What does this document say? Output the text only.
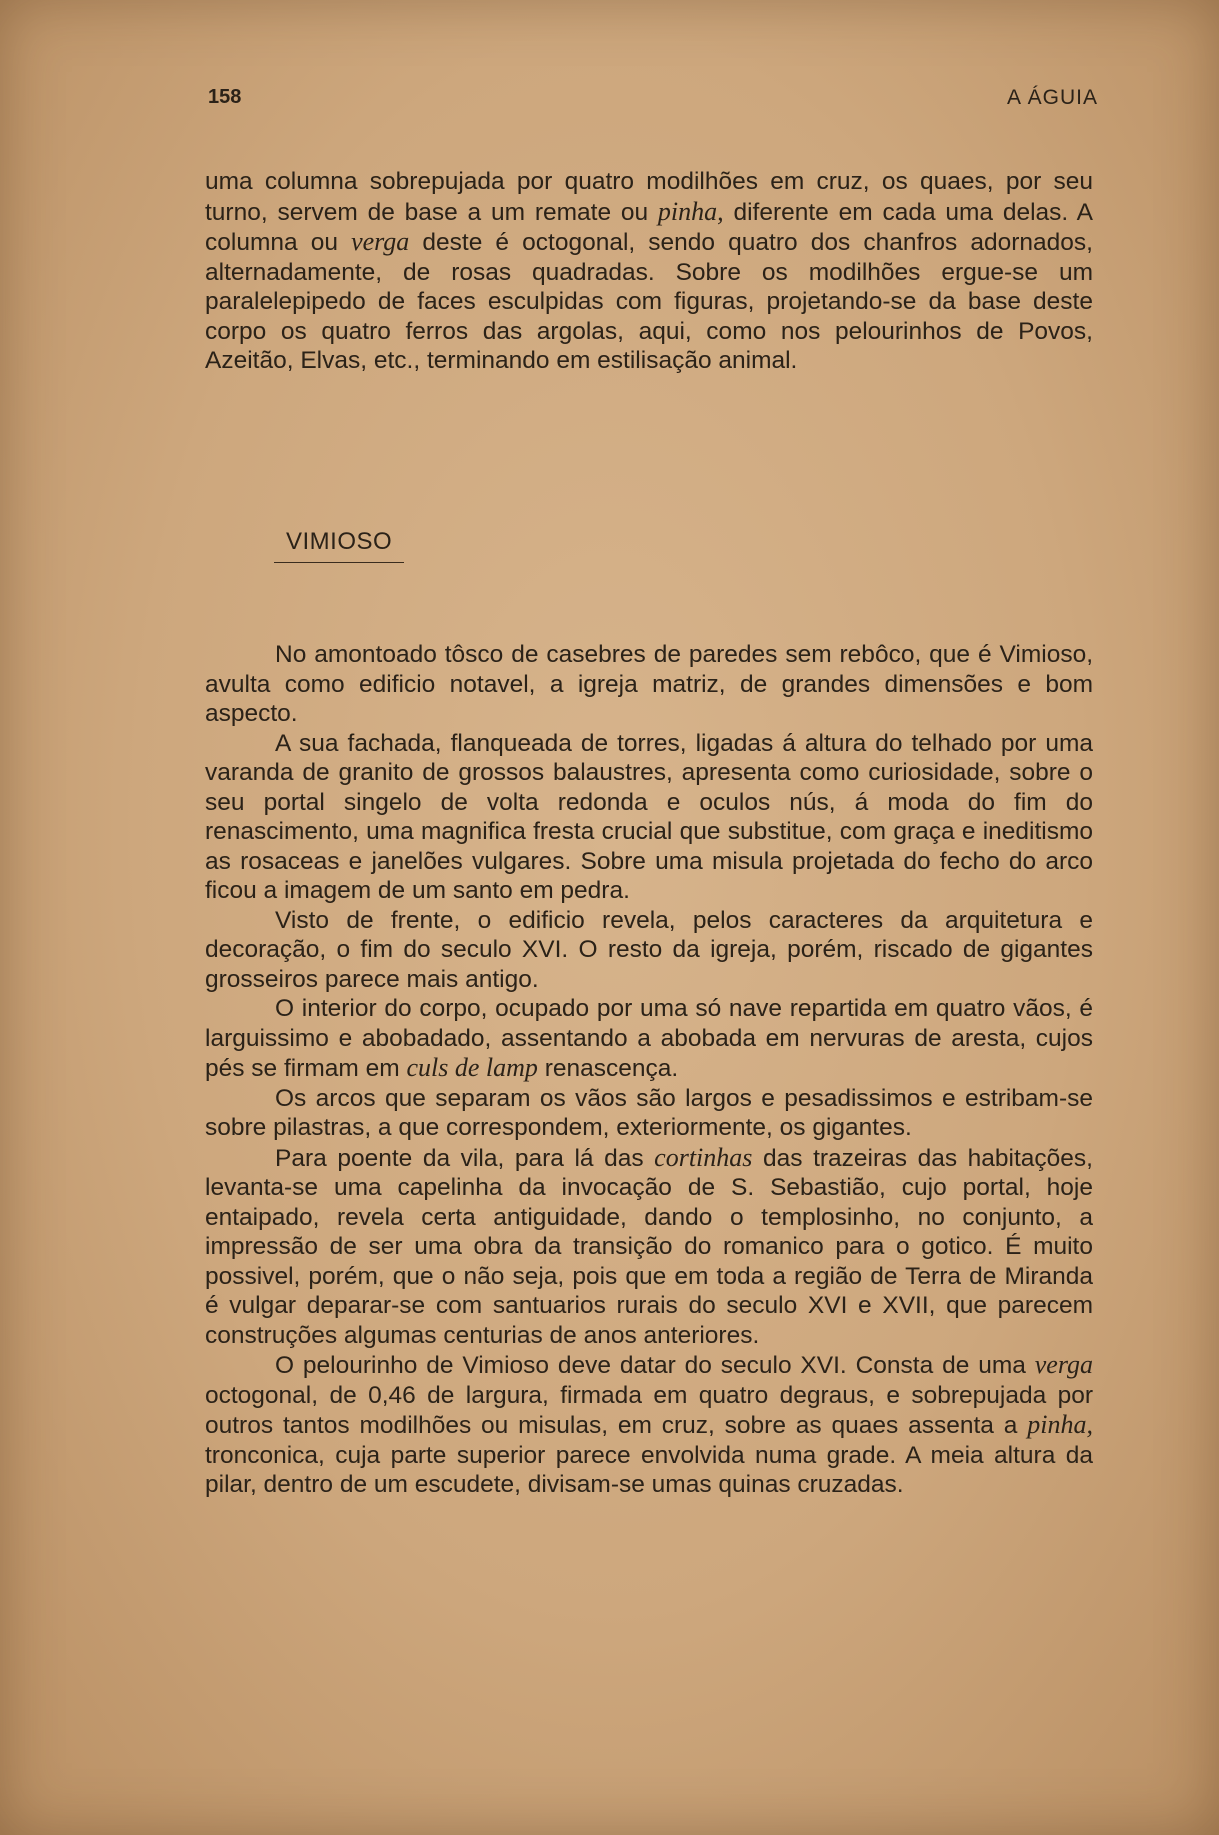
158	A ÁGUIA

uma columna sobrepujada por quatro modilhões em cruz, os quaes, por seu turno, servem de base a um remate ou pinha, diferente em cada uma delas. A columna ou verga deste é octogonal, sendo quatro dos chanfros adornados, alternadamente, de rosas quadradas. Sobre os modilhões ergue-se um paralelepipedo de faces esculpidas com figuras, projetando-se da base deste corpo os quatro ferros das argolas, aqui, como nos pelourinhos de Povos, Azeitão, Elvas, etc., terminando em estilisação animal.

VIMIOSO

No amontoado tôsco de casebres de paredes sem rebôco, que é Vimioso, avulta como edificio notavel, a igreja matriz, de grandes dimensões e bom aspecto.

A sua fachada, flanqueada de torres, ligadas á altura do telhado por uma varanda de granito de grossos balaustres, apresenta como curiosidade, sobre o seu portal singelo de volta redonda e oculos nús, á moda do fim do renascimento, uma magnifica fresta crucial que substitue, com graça e ineditismo as rosaceas e janelões vulgares. Sobre uma misula projetada do fecho do arco ficou a imagem de um santo em pedra.

Visto de frente, o edificio revela, pelos caracteres da arquitetura e decoração, o fim do seculo XVI. O resto da igreja, porém, riscado de gigantes grosseiros parece mais antigo.

O interior do corpo, ocupado por uma só nave repartida em quatro vãos, é larguissimo e abobadado, assentando a abobada em nervuras de aresta, cujos pés se firmam em culs de lamp renascença.

Os arcos que separam os vãos são largos e pesadissimos e estribam-se sobre pilastras, a que correspondem, exteriormente, os gigantes.

Para poente da vila, para lá das cortinhas das trazeiras das habitações, levanta-se uma capelinha da invocação de S. Sebastião, cujo portal, hoje entaipado, revela certa antiguidade, dando o templosinho, no conjunto, a impressão de ser uma obra da transição do romanico para o gotico. É muito possivel, porém, que o não seja, pois que em toda a região de Terra de Miranda é vulgar deparar-se com santuarios rurais do seculo XVI e XVII, que parecem construções algumas centurias de anos anteriores.

O pelourinho de Vimioso deve datar do seculo XVI. Consta de uma verga octogonal, de 0,46 de largura, firmada em quatro degraus, e sobrepujada por outros tantos modilhões ou misulas, em cruz, sobre as quaes assenta a pinha, tronconica, cuja parte superior parece envolvida numa grade. A meia altura da pilar, dentro de um escudete, divisam-se umas quinas cruzadas.
